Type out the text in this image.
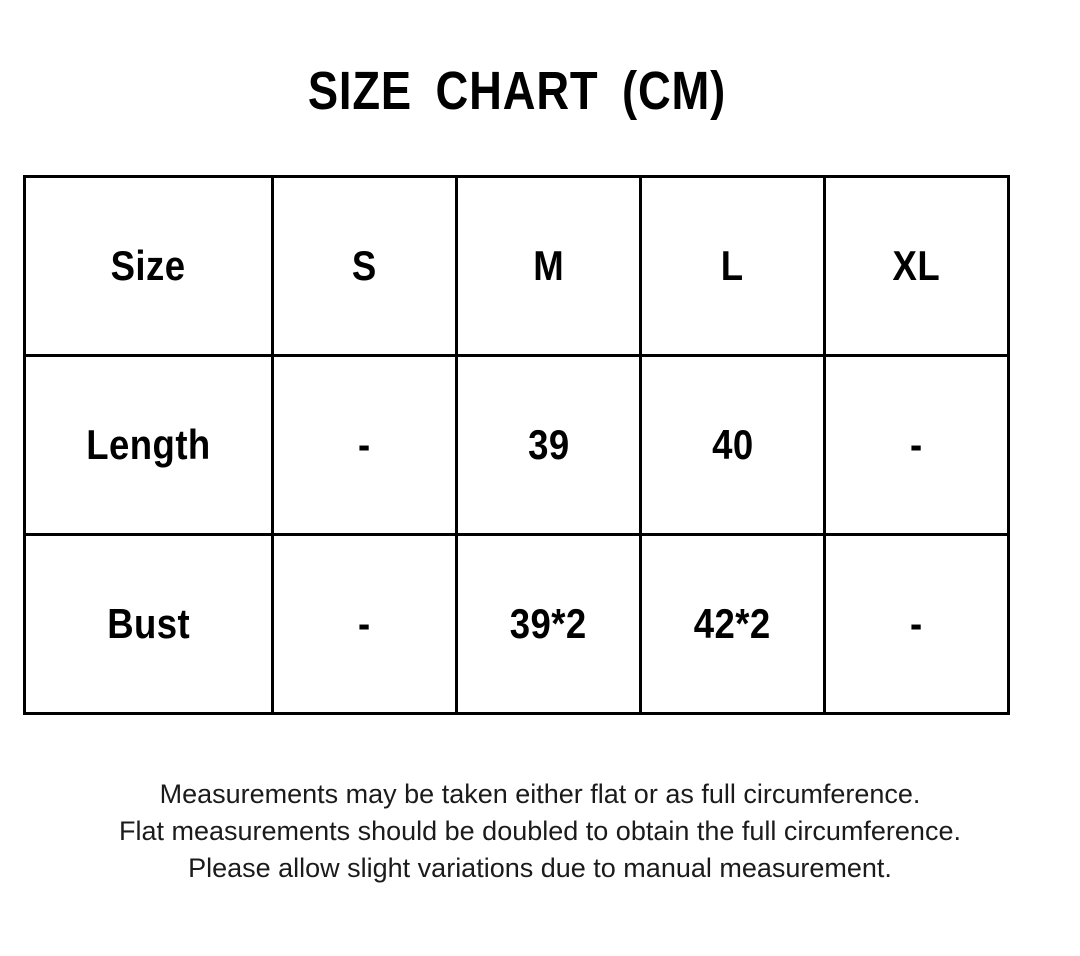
SIZE CHART (CM)
Size	S	M	L	XL
Length	-	39	40	-
Bust	-	39*2	42*2	-

Measurements may be taken either flat or as full circumference.

Flat measurements should be doubled to obtain the full circumference.

Please allow slight variations due to manual measurement.
